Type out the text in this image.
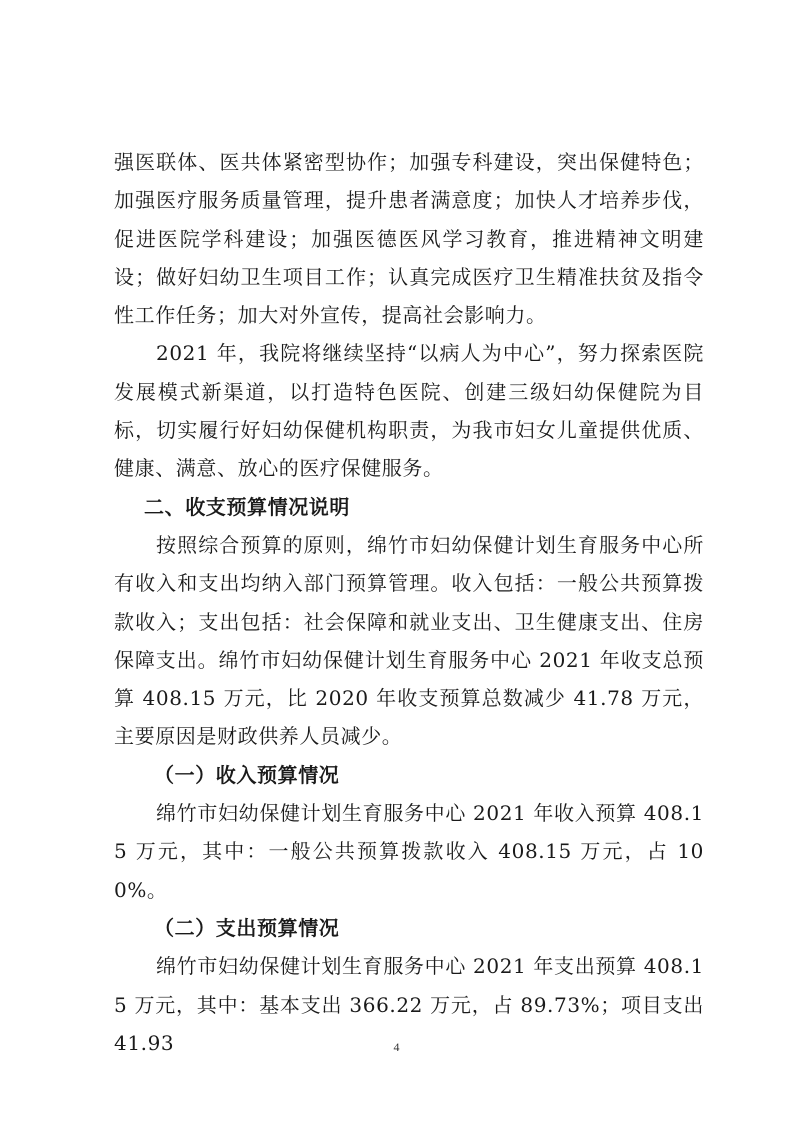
强医联体、医共体紧密型协作；加强专科建设，突出保健特色；加强医疗服务质量管理，提升患者满意度；加快人才培养步伐，促进医院学科建设；加强医德医风学习教育，推进精神文明建设；做好妇幼卫生项目工作；认真完成医疗卫生精准扶贫及指令性工作任务；加大对外宣传，提高社会影响力。

2021 年，我院将继续坚持“以病人为中心”，努力探索医院发展模式新渠道，以打造特色医院、创建三级妇幼保健院为目标，切实履行好妇幼保健机构职责，为我市妇女儿童提供优质、健康、满意、放心的医疗保健服务。

二、收支预算情况说明

按照综合预算的原则，绵竹市妇幼保健计划生育服务中心所有收入和支出均纳入部门预算管理。收入包括：一般公共预算拨款收入；支出包括：社会保障和就业支出、卫生健康支出、住房保障支出。绵竹市妇幼保健计划生育服务中心 2021 年收支总预算 408.15 万元，比 2020 年收支预算总数减少 41.78 万元，主要原因是财政供养人员减少。

（一）收入预算情况

绵竹市妇幼保健计划生育服务中心 2021 年收入预算 408.15 万元，其中：一般公共预算拨款收入 408.15 万元，占 100%。

（二）支出预算情况

绵竹市妇幼保健计划生育服务中心 2021 年支出预算 408.15 万元，其中：基本支出 366.22 万元，占 89.73%；项目支出 41.93	4
